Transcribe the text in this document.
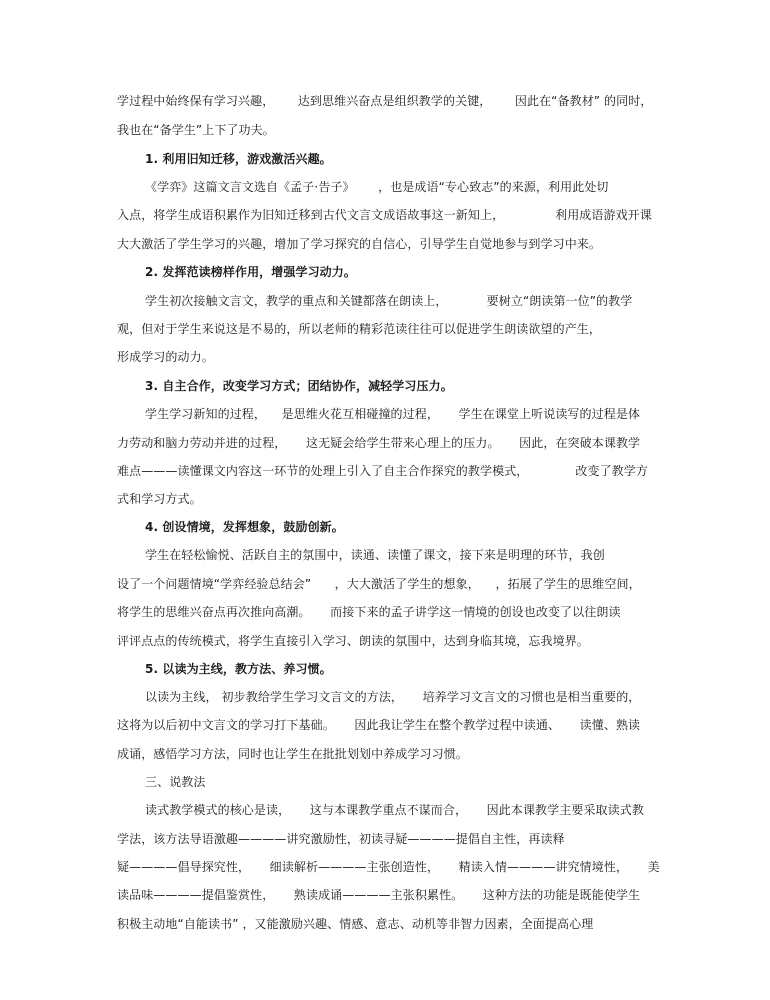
学过程中始终保有学习兴趣，      达到思维兴奋点是组织教学的关键，      因此在“备教材” 的同时，
我也在“备学生”上下了功夫。
1. 利用旧知迁移，游戏激活兴趣。
《学弈》这篇文言文选自《孟子·告子》      ，也是成语“专心致志”的来源，利用此处切
入点，将学生成语积累作为旧知迁移到古代文言文成语故事这一新知上，             利用成语游戏开课
大大激活了学生学习的兴趣，增加了学习探究的自信心，引导学生自觉地参与到学习中来。
2. 发挥范读榜样作用，增强学习动力。
学生初次接触文言文，教学的重点和关键都落在朗读上，          要树立“朗读第一位”的教学
观，但对于学生来说这是不易的，所以老师的精彩范读往往可以促进学生朗读欲望的产生，
形成学习的动力。
3. 自主合作，改变学习方式；团结协作，减轻学习压力。
学生学习新知的过程，    是思维火花互相碰撞的过程，     学生在课堂上听说读写的过程是体
力劳动和脑力劳动并进的过程，     这无疑会给学生带来心理上的压力。     因此，在突破本课教学
难点———读懂课文内容这一环节的处理上引入了自主合作探究的教学模式，            改变了教学方
式和学习方式。
4. 创设情境，发挥想象，鼓励创新。
学生在轻松愉悦、活跃自主的氛围中，读通、读懂了课文，接下来是明理的环节，我创
设了一个问题情境“学弈经验总结会”      ，大大激活了学生的想象，    ，拓展了学生的思维空间，
将学生的思维兴奋点再次推向高潮。     而接下来的孟子讲学这一情境的创设也改变了以往朗读
评评点点的传统模式，将学生直接引入学习、朗读的氛围中，达到身临其境，忘我境界。
5. 以读为主线，教方法、养习惯。
以读为主线， 初步教给学生学习文言文的方法，     培养学习文言文的习惯也是相当重要的，
这将为以后初中文言文的学习打下基础。     因此我让学生在整个教学过程中读通、     读懂、熟读
成诵，感悟学习方法，同时也让学生在批批划划中养成学习习惯。
三、说教法
读式教学模式的核心是读，     这与本课教学重点不谋而合，     因此本课教学主要采取读式教
学法，该方法导语激趣————讲究激励性，初读寻疑————提倡自主性，再读释
疑————倡导探究性，     细读解析————主张创造性，     精读入情————讲究情境性，     美
读品味————提倡鉴赏性，     熟读成诵————主张积累性。     这种方法的功能是既能使学生
积极主动地“自能读书” ，又能激励兴趣、情感、意志、动机等非智力因素，全面提高心理
